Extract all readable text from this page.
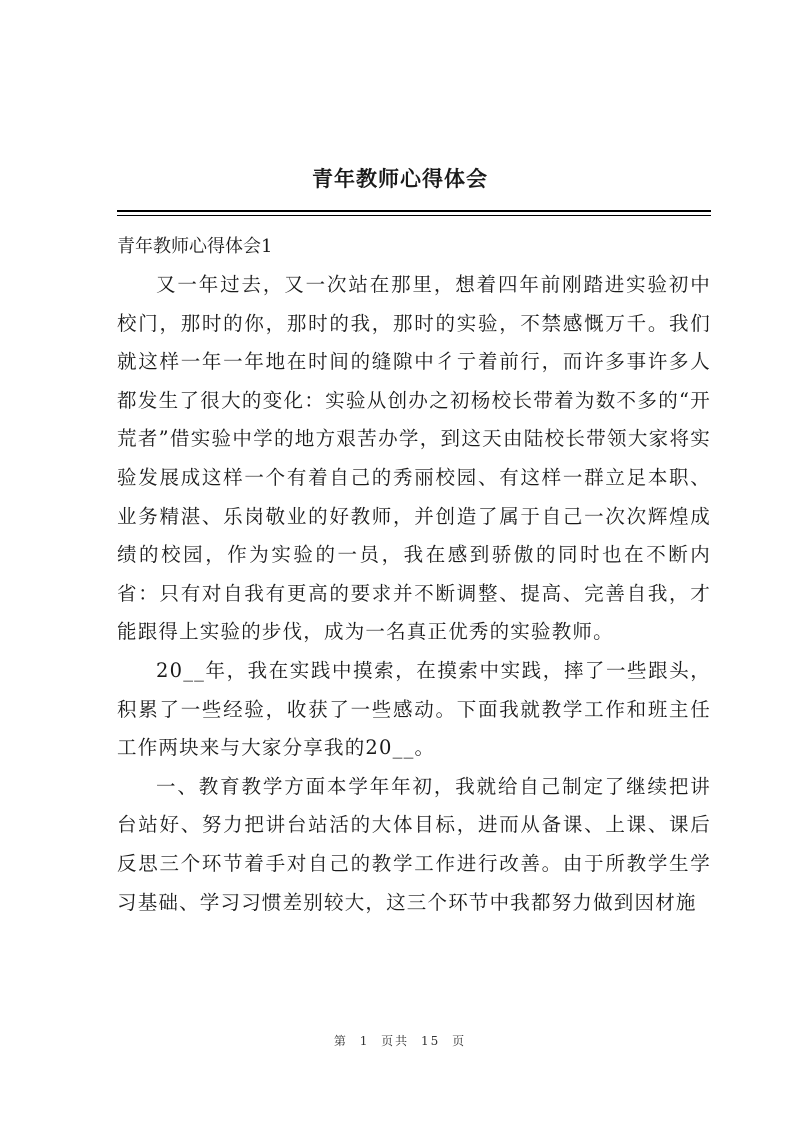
青年教师心得体会

青年教师心得体会1

又一年过去，又一次站在那里，想着四年前刚踏进实验初中校门，那时的你，那时的我，那时的实验，不禁感慨万千。我们就这样一年一年地在时间的缝隙中彳亍着前行，而许多事许多人都发生了很大的变化：实验从创办之初杨校长带着为数不多的“开荒者”借实验中学的地方艰苦办学，到这天由陆校长带领大家将实验发展成这样一个有着自己的秀丽校园、有这样一群立足本职、业务精湛、乐岗敬业的好教师，并创造了属于自己一次次辉煌成绩的校园，作为实验的一员，我在感到骄傲的同时也在不断内省：只有对自我有更高的要求并不断调整、提高、完善自我，才能跟得上实验的步伐，成为一名真正优秀的实验教师。

20__年，我在实践中摸索，在摸索中实践，摔了一些跟头，积累了一些经验，收获了一些感动。下面我就教学工作和班主任工作两块来与大家分享我的20__。

一、教育教学方面本学年年初，我就给自己制定了继续把讲台站好、努力把讲台站活的大体目标，进而从备课、上课、课后反思三个环节着手对自己的教学工作进行改善。由于所教学生学习基础、学习习惯差别较大，这三个环节中我都努力做到因材施

第 1 页共 15 页
